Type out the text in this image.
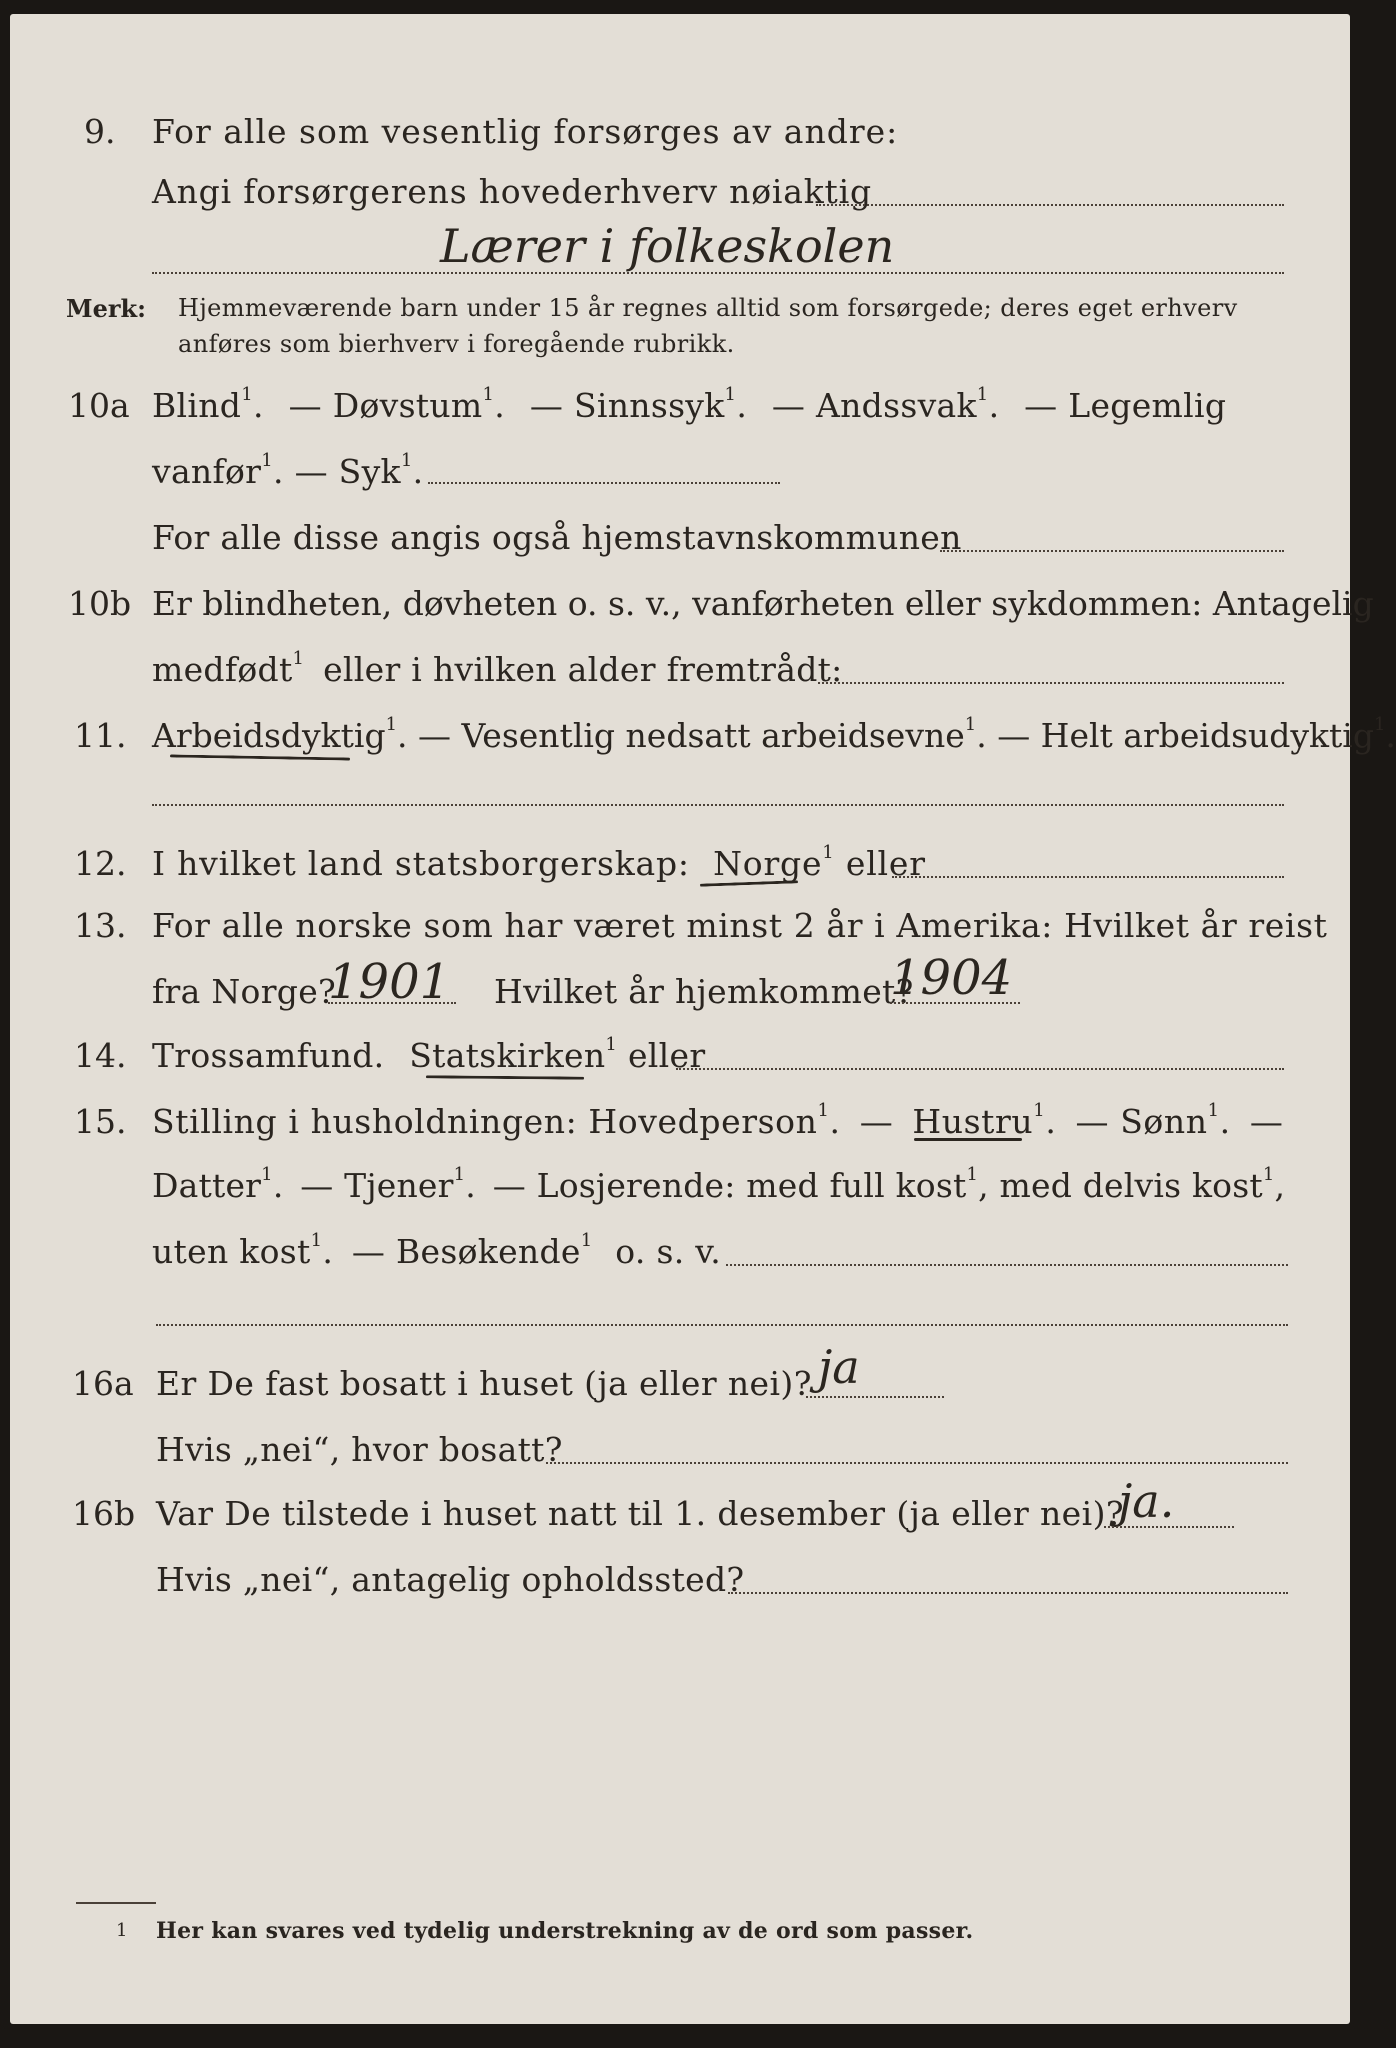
9. For alle som vesentlig forsørges av andre:
Angi forsørgerens hovederhverv nøiaktig
Lærer i folkeskolen
Merk: Hjemmeværende barn under 15 år regnes alltid som forsørgede; deres eget erhverv
anføres som bierhverv i foregående rubrikk.
10a Blind$^1$. — Døvstum$^1$. — Sinnssyk$^1$. — Andssvak$^1$. — Legemlig
vanfør$^1$. — Syk$^1$.
For alle disse angis også hjemstavnskommunen
10b Er blindheten, døvheten o. s. v., vanførheten eller sykdommen: Antagelig
medfødt$^1$ eller i hvilken alder fremtrådt:
11. Arbeidsdyktig$^1$. — Vesentlig nedsatt arbeidsevne$^1$. — Helt arbeidsudyktig$^1$.
12. I hvilket land statsborgerskap: Norge$^1$ eller
13. For alle norske som har været minst 2 år i Amerika: Hvilket år reist
fra Norge?
1901 Hvilket år hjemkommet?
1904
14. Trossamfund. Statskirken$^1$ eller
15. Stilling i husholdningen: Hovedperson$^1$. — Hustru$^1$. — Sønn$^1$. —
Datter$^1$. — Tjener$^1$. — Losjerende: med full kost$^1$, med delvis kost$^1$,
uten kost$^1$. — Besøkende$^1$ o. s. v.
16a Er De fast bosatt i huset (ja eller nei)? ja
Hvis „nei“, hvor bosatt?
16b Var De tilstede i huset natt til 1. desember (ja eller nei)?
ja.
Hvis „nei“, antagelig opholdssted?
1 Her kan svares ved tydelig understrekning av de ord som passer.
